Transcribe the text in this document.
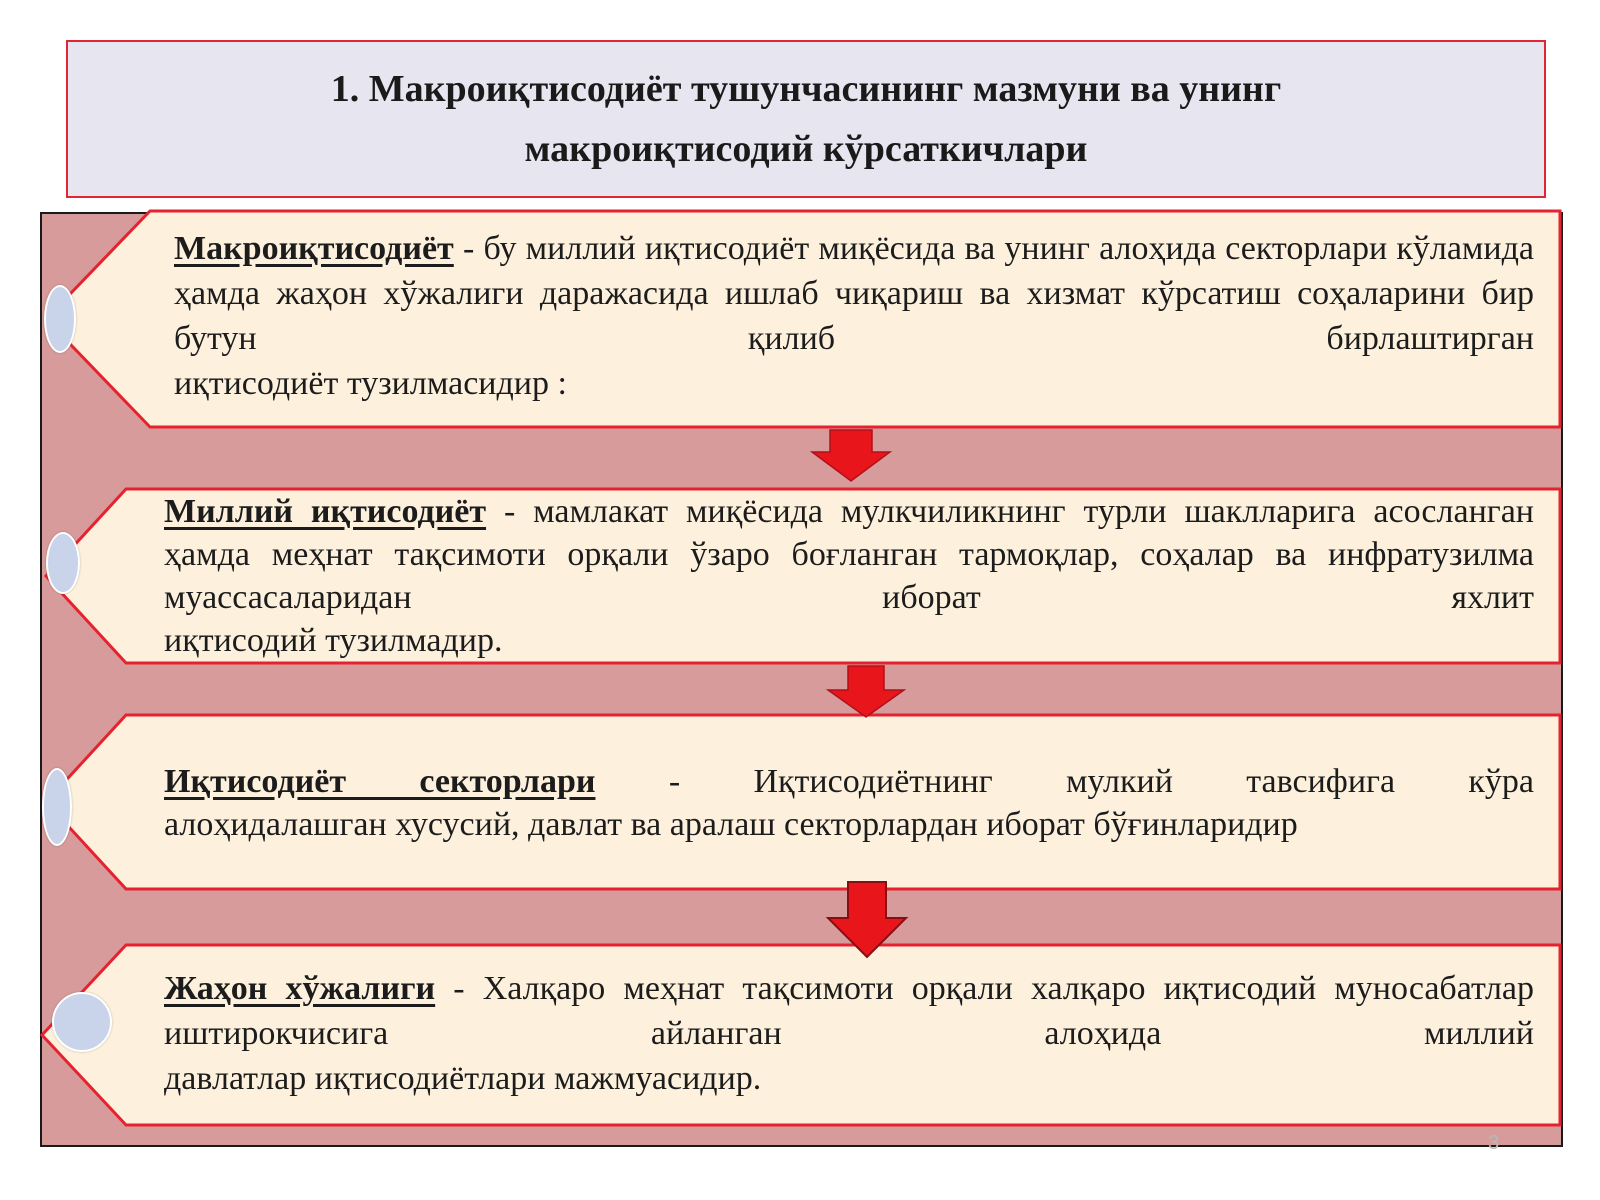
1. Макроиқтисодиёт тушунчасининг мазмуни ва унинг
макроиқтисодий кўрсаткичлари
Макроиқтисодиёт - бу миллий иқтисодиёт миқёсида ва унинг алоҳида секторлари кўламида ҳамда жаҳон хўжалиги даражасида ишлаб чиқариш ва хизмат кўрсатиш соҳаларини бир бутун қилиб бирлаштирган
иқтисодиёт тузилмасидир :
Миллий иқтисодиёт - мамлакат миқёсида мулкчиликнинг турли шаклларига асосланган ҳамда меҳнат тақсимоти орқали ўзаро боғланган тармоқлар, соҳалар ва инфратузилма муассасаларидан иборат яхлит
иқтисодий тузилмадир.
Иқтисодиёт секторлари - Иқтисодиётнинг мулкий тавсифига кўра
алоҳидалашган хусусий, давлат ва аралаш секторлардан иборат бўғинларидир
Жаҳон хўжалиги - Халқаро меҳнат тақсимоти орқали халқаро иқтисодий муносабатлар иштирокчисига айланган алоҳида миллий
давлатлар иқтисодиётлари мажмуасидир.
3
